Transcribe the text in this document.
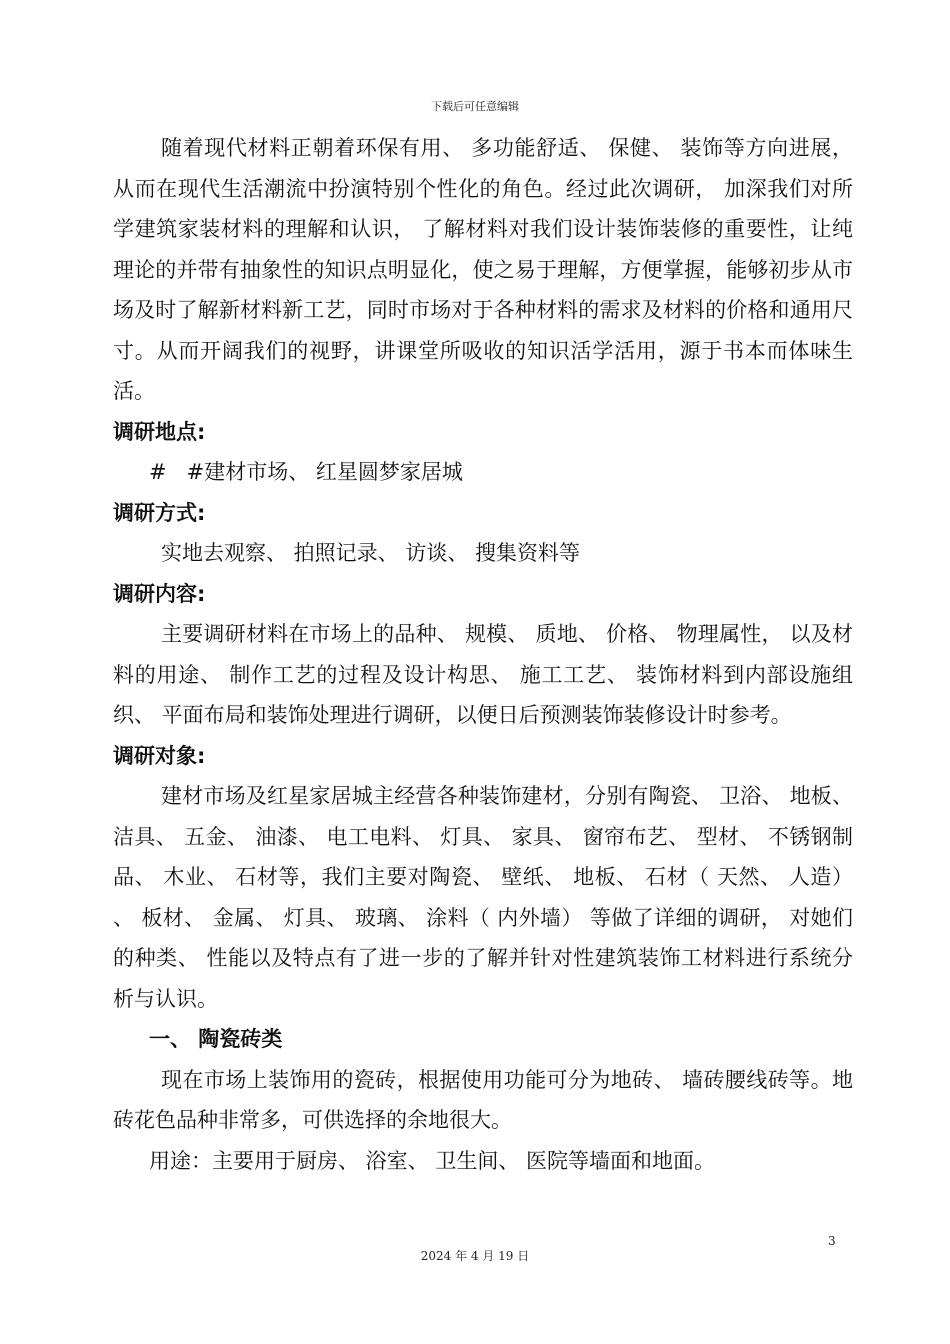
下载后可任意编辑

随着现代材料正朝着环保有用、 多功能舒适、 保健、 装饰等方向进展，从而在现代生活潮流中扮演特别个性化的角色。经过此次调研， 加深我们对所学建筑家装材料的理解和认识， 了解材料对我们设计装饰装修的重要性，让纯理论的并带有抽象性的知识点明显化，使之易于理解，方便掌握，能够初步从市场及时了解新材料新工艺，同时市场对于各种材料的需求及材料的价格和通用尺寸。从而开阔我们的视野，讲课堂所吸收的知识活学活用，源于书本而体味生活。

调研地点:

#   #建材市场、 红星圆梦家居城

调研方式:

实地去观察、 拍照记录、 访谈、 搜集资料等

调研内容:

主要调研材料在市场上的品种、 规模、 质地、 价格、 物理属性， 以及材料的用途、 制作工艺的过程及设计构思、 施工工艺、 装饰材料到内部设施组织、 平面布局和装饰处理进行调研，以便日后预测装饰装修设计时参考。

调研对象:

建材市场及红星家居城主经营各种装饰建材，分别有陶瓷、 卫浴、 地板、 洁具、 五金、 油漆、 电工电料、 灯具、 家具、 窗帘布艺、 型材、 不锈钢制品、 木业、 石材等，我们主要对陶瓷、 壁纸、 地板、 石材（ 天然、 人造） 、 板材、 金属、 灯具、 玻璃、 涂料（ 内外墙） 等做了详细的调研， 对她们的种类、 性能以及特点有了进一步的了解并针对性建筑装饰工材料进行系统分析与认识。

一、 陶瓷砖类

现在市场上装饰用的瓷砖，根据使用功能可分为地砖、 墙砖腰线砖等。地砖花色品种非常多，可供选择的余地很大。

用途：主要用于厨房、 浴室、 卫生间、 医院等墙面和地面。

3
2024 年 4 月 19 日
